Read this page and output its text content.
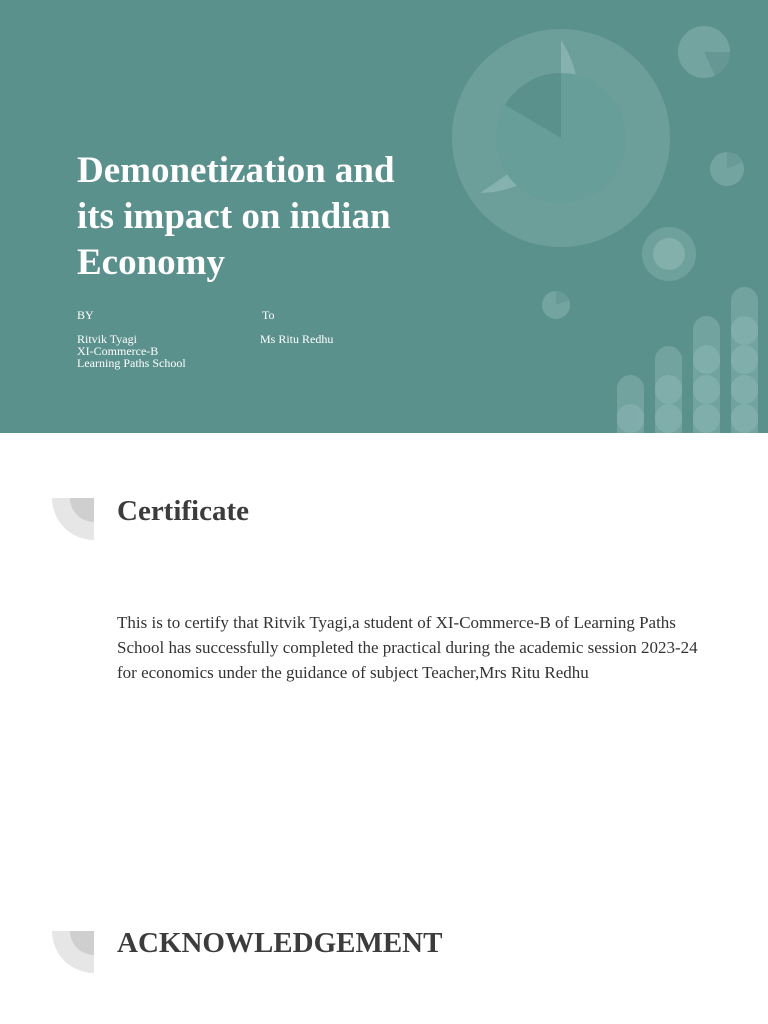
Demonetization and its impact on indian Economy
BY	To
Ritvik Tyagi
XI-Commerce-B
Learning Paths School
Ms Ritu Redhu
Certificate

This is to certify that Ritvik Tyagi,a student of XI-Commerce-B of Learning Paths School has successfully completed the practical during the academic session 2023-24 for economics under the guidance of subject Teacher,Mrs Ritu Redhu

ACKNOWLEDGEMENT
